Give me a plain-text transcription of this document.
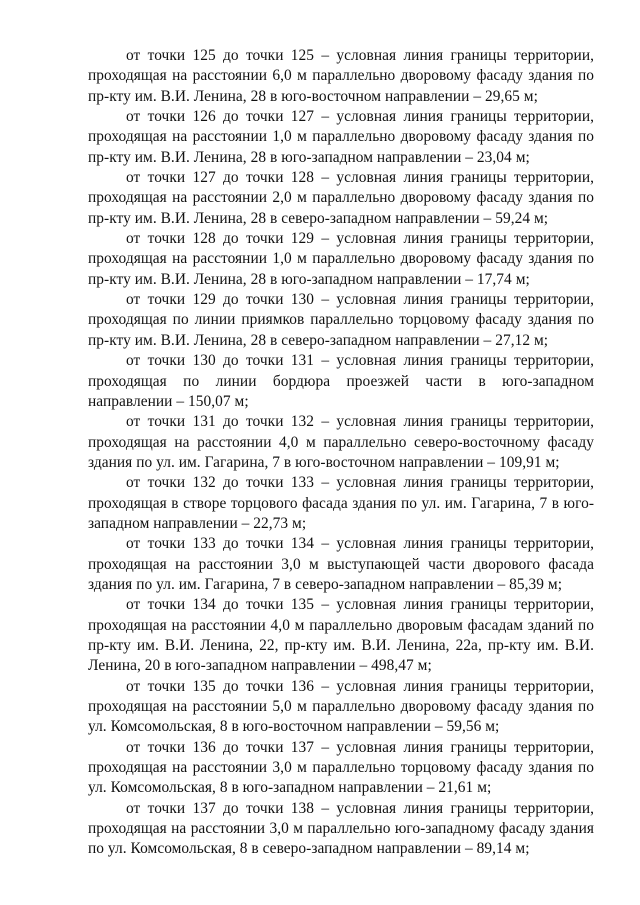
от точки 125 до точки 125 – условная линия границы территории, проходящая на расстоянии 6,0 м параллельно дворовому фасаду здания по пр-кту им. В.И. Ленина, 28 в юго-восточном направлении – 29,65 м;

от точки 126 до точки 127 – условная линия границы территории, проходящая на расстоянии 1,0 м параллельно дворовому фасаду здания по пр-кту им. В.И. Ленина, 28 в юго-западном направлении – 23,04 м;

от точки 127 до точки 128 – условная линия границы территории, проходящая на расстоянии 2,0 м параллельно дворовому фасаду здания по пр-кту им. В.И. Ленина, 28 в северо-западном направлении – 59,24 м;

от точки 128 до точки 129 – условная линия границы территории, проходящая на расстоянии 1,0 м параллельно дворовому фасаду здания по пр-кту им. В.И. Ленина, 28 в юго-западном направлении – 17,74 м;

от точки 129 до точки 130 – условная линия границы территории, проходящая по линии приямков параллельно торцовому фасаду здания по пр-кту им. В.И. Ленина, 28 в северо-западном направлении – 27,12 м;

от точки 130 до точки 131 – условная линия границы территории, проходящая по линии бордюра проезжей части в юго-западном направлении – 150,07 м;

от точки 131 до точки 132 – условная линия границы территории, проходящая на расстоянии 4,0 м параллельно северо-восточному фасаду здания по ул. им. Гагарина, 7 в юго-восточном направлении – 109,91 м;

от точки 132 до точки 133 – условная линия границы территории, проходящая в створе торцового фасада здания по ул. им. Гагарина, 7 в юго-западном направлении – 22,73 м;

от точки 133 до точки 134 – условная линия границы территории, проходящая на расстоянии 3,0 м выступающей части дворового фасада здания по ул. им. Гагарина, 7 в северо-западном направлении – 85,39 м;

от точки 134 до точки 135 – условная линия границы территории, проходящая на расстоянии 4,0 м параллельно дворовым фасадам зданий по пр-кту им. В.И. Ленина, 22, пр-кту им. В.И. Ленина, 22а, пр-кту им. В.И. Ленина, 20 в юго-западном направлении – 498,47 м;

от точки 135 до точки 136 – условная линия границы территории, проходящая на расстоянии 5,0 м параллельно дворовому фасаду здания по ул. Комсомольская, 8 в юго-восточном направлении – 59,56 м;

от точки 136 до точки 137 – условная линия границы территории, проходящая на расстоянии 3,0 м параллельно торцовому фасаду здания по ул. Комсомольская, 8 в юго-западном направлении – 21,61 м;

от точки 137 до точки 138 – условная линия границы территории, проходящая на расстоянии 3,0 м параллельно юго-западному фасаду здания по ул. Комсомольская, 8 в северо-западном направлении – 89,14 м;
